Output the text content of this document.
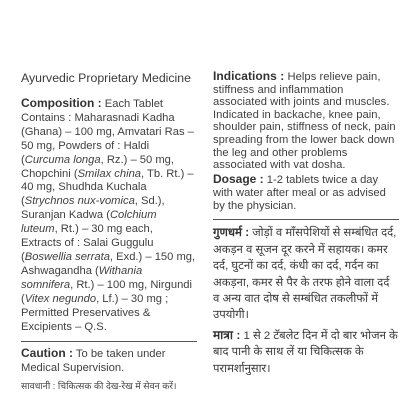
Ayurvedic Proprietary Medicine
Composition : Each Tablet Contains : Maharasnadi Kadha (Ghana) – 100 mg, Amvatari Ras – 50 mg, Powders of : Haldi (Curcuma longa, Rz.) – 50 mg, Chopchini (Smilax china, Tb. Rt.) – 40 mg, Shudhda Kuchala (Strychnos nux-vomica, Sd.), Suranjan Kadwa (Colchium luteum, Rt.) – 30 mg each, Extracts of : Salai Guggulu (Boswellia serrata, Exd.) – 150 mg, Ashwagandha (Withania somnifera, Rt.) – 100 mg, Nirgundi (Vitex negundo, Lf.) – 30 mg ; Permitted Preservatives & Excipients – Q.S.
Caution : To be taken under Medical Supervision.
सावधानी : चिकित्सक की देख-रेख में सेवन करें।
Indications : Helps relieve pain, stiffness and inflammation associated with joints and muscles. Indicated in backache, knee pain, shoulder pain, stiffness of neck, pain spreading from the lower back down the leg and other problems associated with vat dosha.
Dosage : 1-2 tablets twice a day with water after meal or as advised by the physician.
गुणधर्म : जोड़ों व माँसपेशियों से सम्बंधित दर्द, अकड़न व सूजन दूर करने में सहायक। कमर दर्द, घुटनों का दर्द, कंधी का दर्द, गर्दन का अकड़ना, कमर से पैर के तरफ होने वाला दर्द व अन्य वात दोष से सम्बंधित तकलीफों में उपयोगी।
मात्रा : 1 से 2 टॅबलेट दिन में दो बार भोजन के बाद पानी के साथ लें या चिकित्सक के परामर्शानुसार।
